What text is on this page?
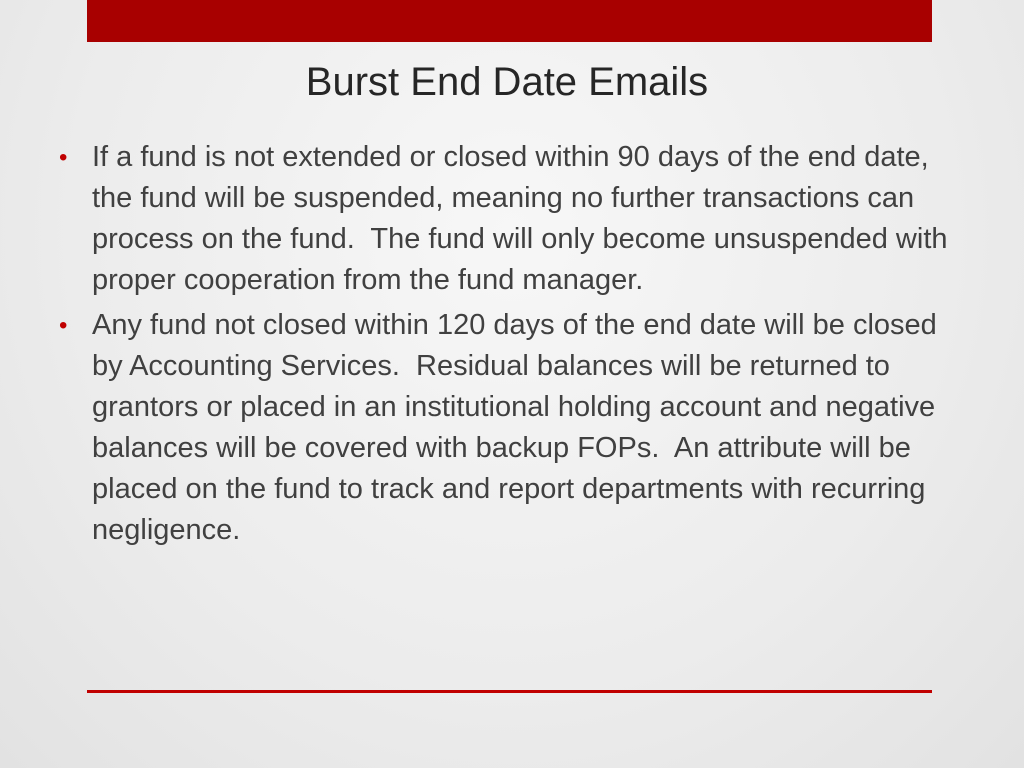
Burst End Date Emails
• If a fund is not extended or closed within 90 days of the end date, the fund will be suspended, meaning no further transactions can process on the fund.  The fund will only become unsuspended with proper cooperation from the fund manager.
• Any fund not closed within 120 days of the end date will be closed by Accounting Services.  Residual balances will be returned to grantors or placed in an institutional holding account and negative balances will be covered with backup FOPs.  An attribute will be placed on the fund to track and report departments with recurring negligence.
